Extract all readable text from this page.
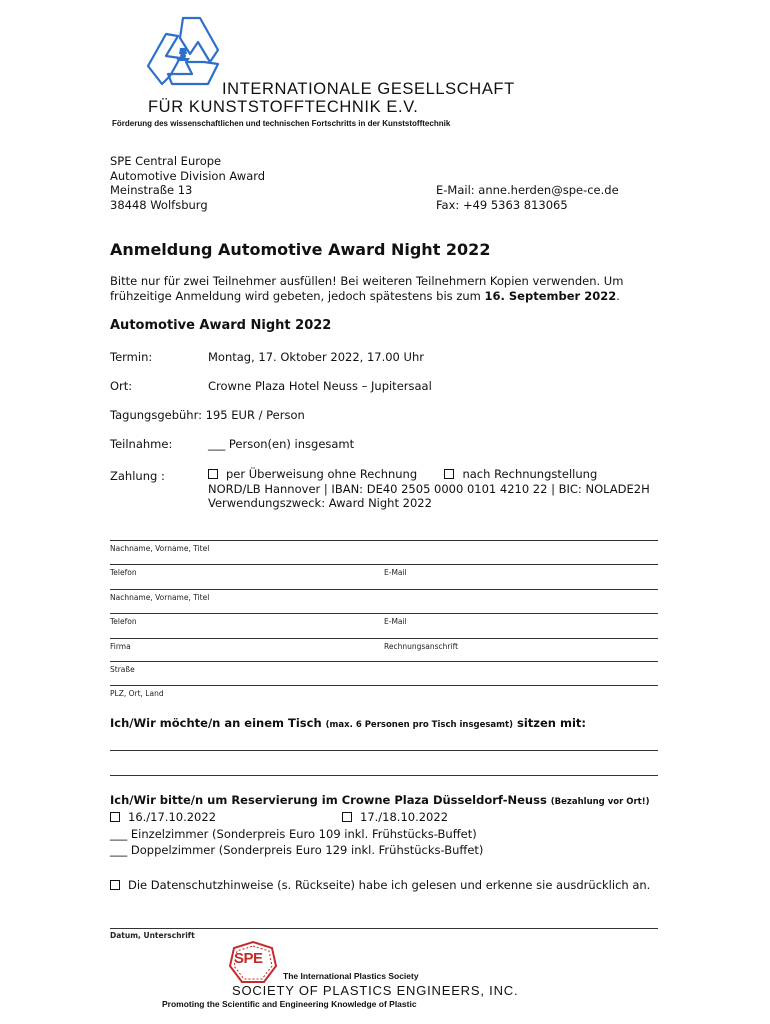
INTERNATIONALE GESELLSCHAFT
FÜR KUNSTSTOFFTECHNIK E.V.
Förderung des wissenschaftlichen und technischen Fortschritts in der Kunststofftechnik
SPE Central Europe
Automotive Division Award
Meinstraße 13
38448 Wolfsburg
E-Mail: anne.herden@spe-ce.de
Fax: +49 5363 813065
Anmeldung Automotive Award Night 2022
Bitte nur für zwei Teilnehmer ausfüllen! Bei weiteren Teilnehmern Kopien verwenden. Um
frühzeitige Anmeldung wird gebeten, jedoch spätestens bis zum 16. September 2022.
Automotive Award Night 2022
Termin:	Montag, 17. Oktober 2022, 17.00 Uhr
Ort:	Crowne Plaza Hotel Neuss – Jupitersaal
Tagungsgebühr: 195 EUR / Person
Teilnahme:	___ Person(en) insgesamt
Zahlung :	per Überweisung ohne Rechnung	nach Rechnungstellung
NORD/LB Hannover | IBAN: DE40 2505 0000 0101 4210 22 | BIC: NOLADE2H
Verwendungszweck: Award Night 2022
Nachname, Vorname, Titel
Telefon	E-Mail
Nachname, Vorname, Titel
Telefon	E-Mail
Firma	Rechnungsanschrift
Straße
PLZ, Ort, Land
Ich/Wir möchte/n an einem Tisch (max. 6 Personen pro Tisch insgesamt) sitzen mit:
Ich/Wir bitte/n um Reservierung im Crowne Plaza Düsseldorf-Neuss (Bezahlung vor Ort!)
16./17.10.2022	17./18.10.2022
___ Einzelzimmer (Sonderpreis Euro 109 inkl. Frühstücks-Buffet)
___ Doppelzimmer (Sonderpreis Euro 129 inkl. Frühstücks-Buffet)
Die Datenschutzhinweise (s. Rückseite) habe ich gelesen und erkenne sie ausdrücklich an.
Datum, Unterschrift
SPE
The International Plastics Society
SOCIETY OF PLASTICS ENGINEERS, INC.
Promoting the Scientific and Engineering Knowledge of Plastic
